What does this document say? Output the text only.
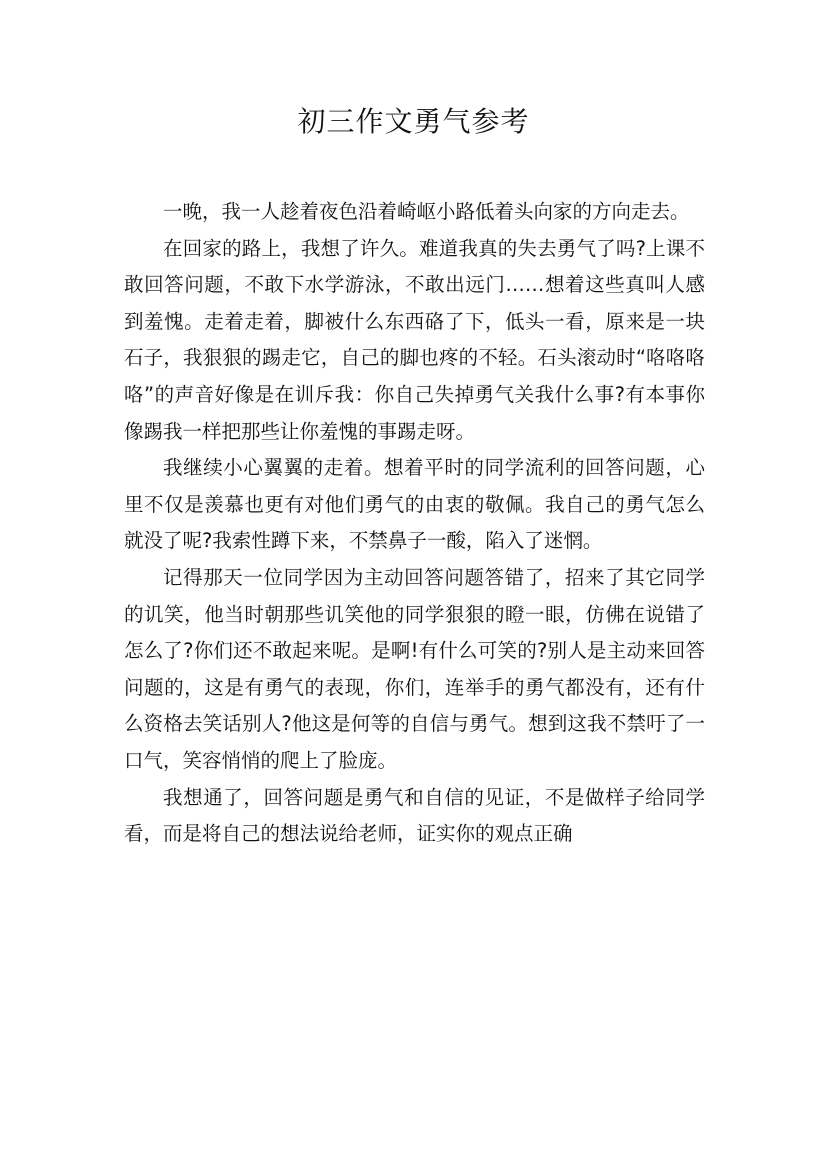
初三作文勇气参考

一晚，我一人趁着夜色沿着崎岖小路低着头向家的方向走去。

在回家的路上，我想了许久。难道我真的失去勇气了吗?上课不敢回答问题，不敢下水学游泳，不敢出远门……想着这些真叫人感到羞愧。走着走着，脚被什么东西硌了下，低头一看，原来是一块石子，我狠狠的踢走它，自己的脚也疼的不轻。石头滚动时“咯咯咯咯”的声音好像是在训斥我：你自己失掉勇气关我什么事?有本事你像踢我一样把那些让你羞愧的事踢走呀。

我继续小心翼翼的走着。想着平时的同学流利的回答问题，心里不仅是羡慕也更有对他们勇气的由衷的敬佩。我自己的勇气怎么就没了呢?我索性蹲下来，不禁鼻子一酸，陷入了迷惘。

记得那天一位同学因为主动回答问题答错了，招来了其它同学的讥笑，他当时朝那些讥笑他的同学狠狠的瞪一眼，仿佛在说错了怎么了?你们还不敢起来呢。是啊!有什么可笑的?别人是主动来回答问题的，这是有勇气的表现，你们，连举手的勇气都没有，还有什么资格去笑话别人?他这是何等的自信与勇气。想到这我不禁吁了一口气，笑容悄悄的爬上了脸庞。

我想通了，回答问题是勇气和自信的见证，不是做样子给同学看，而是将自己的想法说给老师，证实你的观点正确
